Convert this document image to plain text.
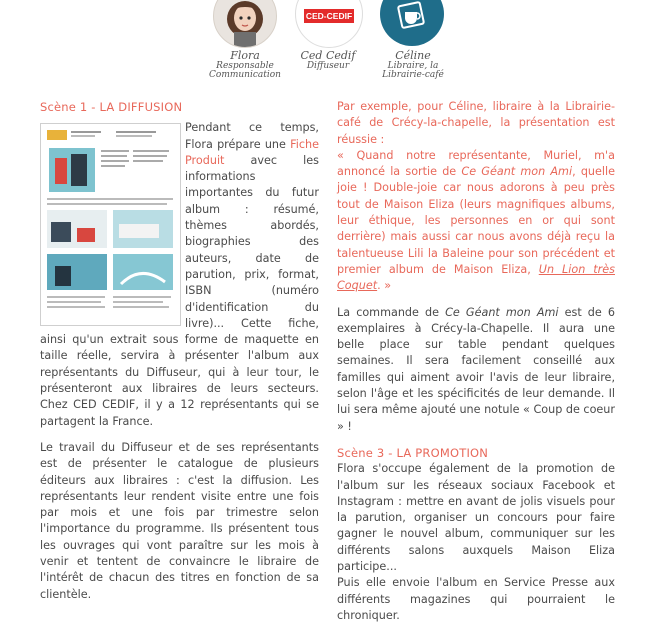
Flora
Responsable Communication
CED-CEDIF
Ced Cedif
Diffuseur
Céline
Libraire, la Librairie-café
Scène 1 - LA DIFFUSION

Pendant ce temps, Flora prépare une Fiche Produit avec les informations importantes du futur album : résumé, thèmes abordés, biographies des auteurs, date de parution, prix, format, ISBN (numéro d'identification du livre)... Cette fiche, ainsi qu'un extrait sous forme de maquette en taille réelle, servira à présenter l'album aux représentants du Diffuseur, qui à leur tour, le présenteront aux libraires de leurs secteurs. Chez CED CEDIF, il y a 12 représentants qui se partagent la France.

Le travail du Diffuseur et de ses représentants est de présenter le catalogue de plusieurs éditeurs aux libraires : c'est la diffusion. Les représentants leur rendent visite entre une fois par mois et une fois par trimestre selon l'importance du programme. Ils présentent tous les ouvrages qui vont paraître sur les mois à venir et tentent de convaincre le libraire de l'intérêt de chacun des titres en fonction de sa clientèle.

Par exemple, pour Céline, libraire à la Librairie-café de Crécy-la-chapelle, la présentation est réussie :

« Quand notre représentante, Muriel, m'a annoncé la sortie de Ce Géant mon Ami, quelle joie ! Double-joie car nous adorons à peu près tout de Maison Eliza (leurs magnifiques albums, leur éthique, les personnes en or qui sont derrière) mais aussi car nous avons déjà reçu la talentueuse Lili la Baleine pour son précédent et premier album de Maison Eliza, Un Lion très Coquet. »

La commande de Ce Géant mon Ami est de 6 exemplaires à Crécy-la-Chapelle. Il aura une belle place sur table pendant quelques semaines. Il sera facilement conseillé aux familles qui aiment avoir l'avis de leur libraire, selon l'âge et les spécificités de leur demande. Il lui sera même ajouté une notule « Coup de coeur » !

Scène 3 - LA PROMOTION

Flora s'occupe également de la promotion de l'album sur les réseaux sociaux Facebook et Instagram : mettre en avant de jolis visuels pour la parution, organiser un concours pour faire gagner le nouvel album, communiquer sur les différents salons auxquels Maison Eliza participe...

Puis elle envoie l'album en Service Presse aux différents magazines qui pourraient le chroniquer.
